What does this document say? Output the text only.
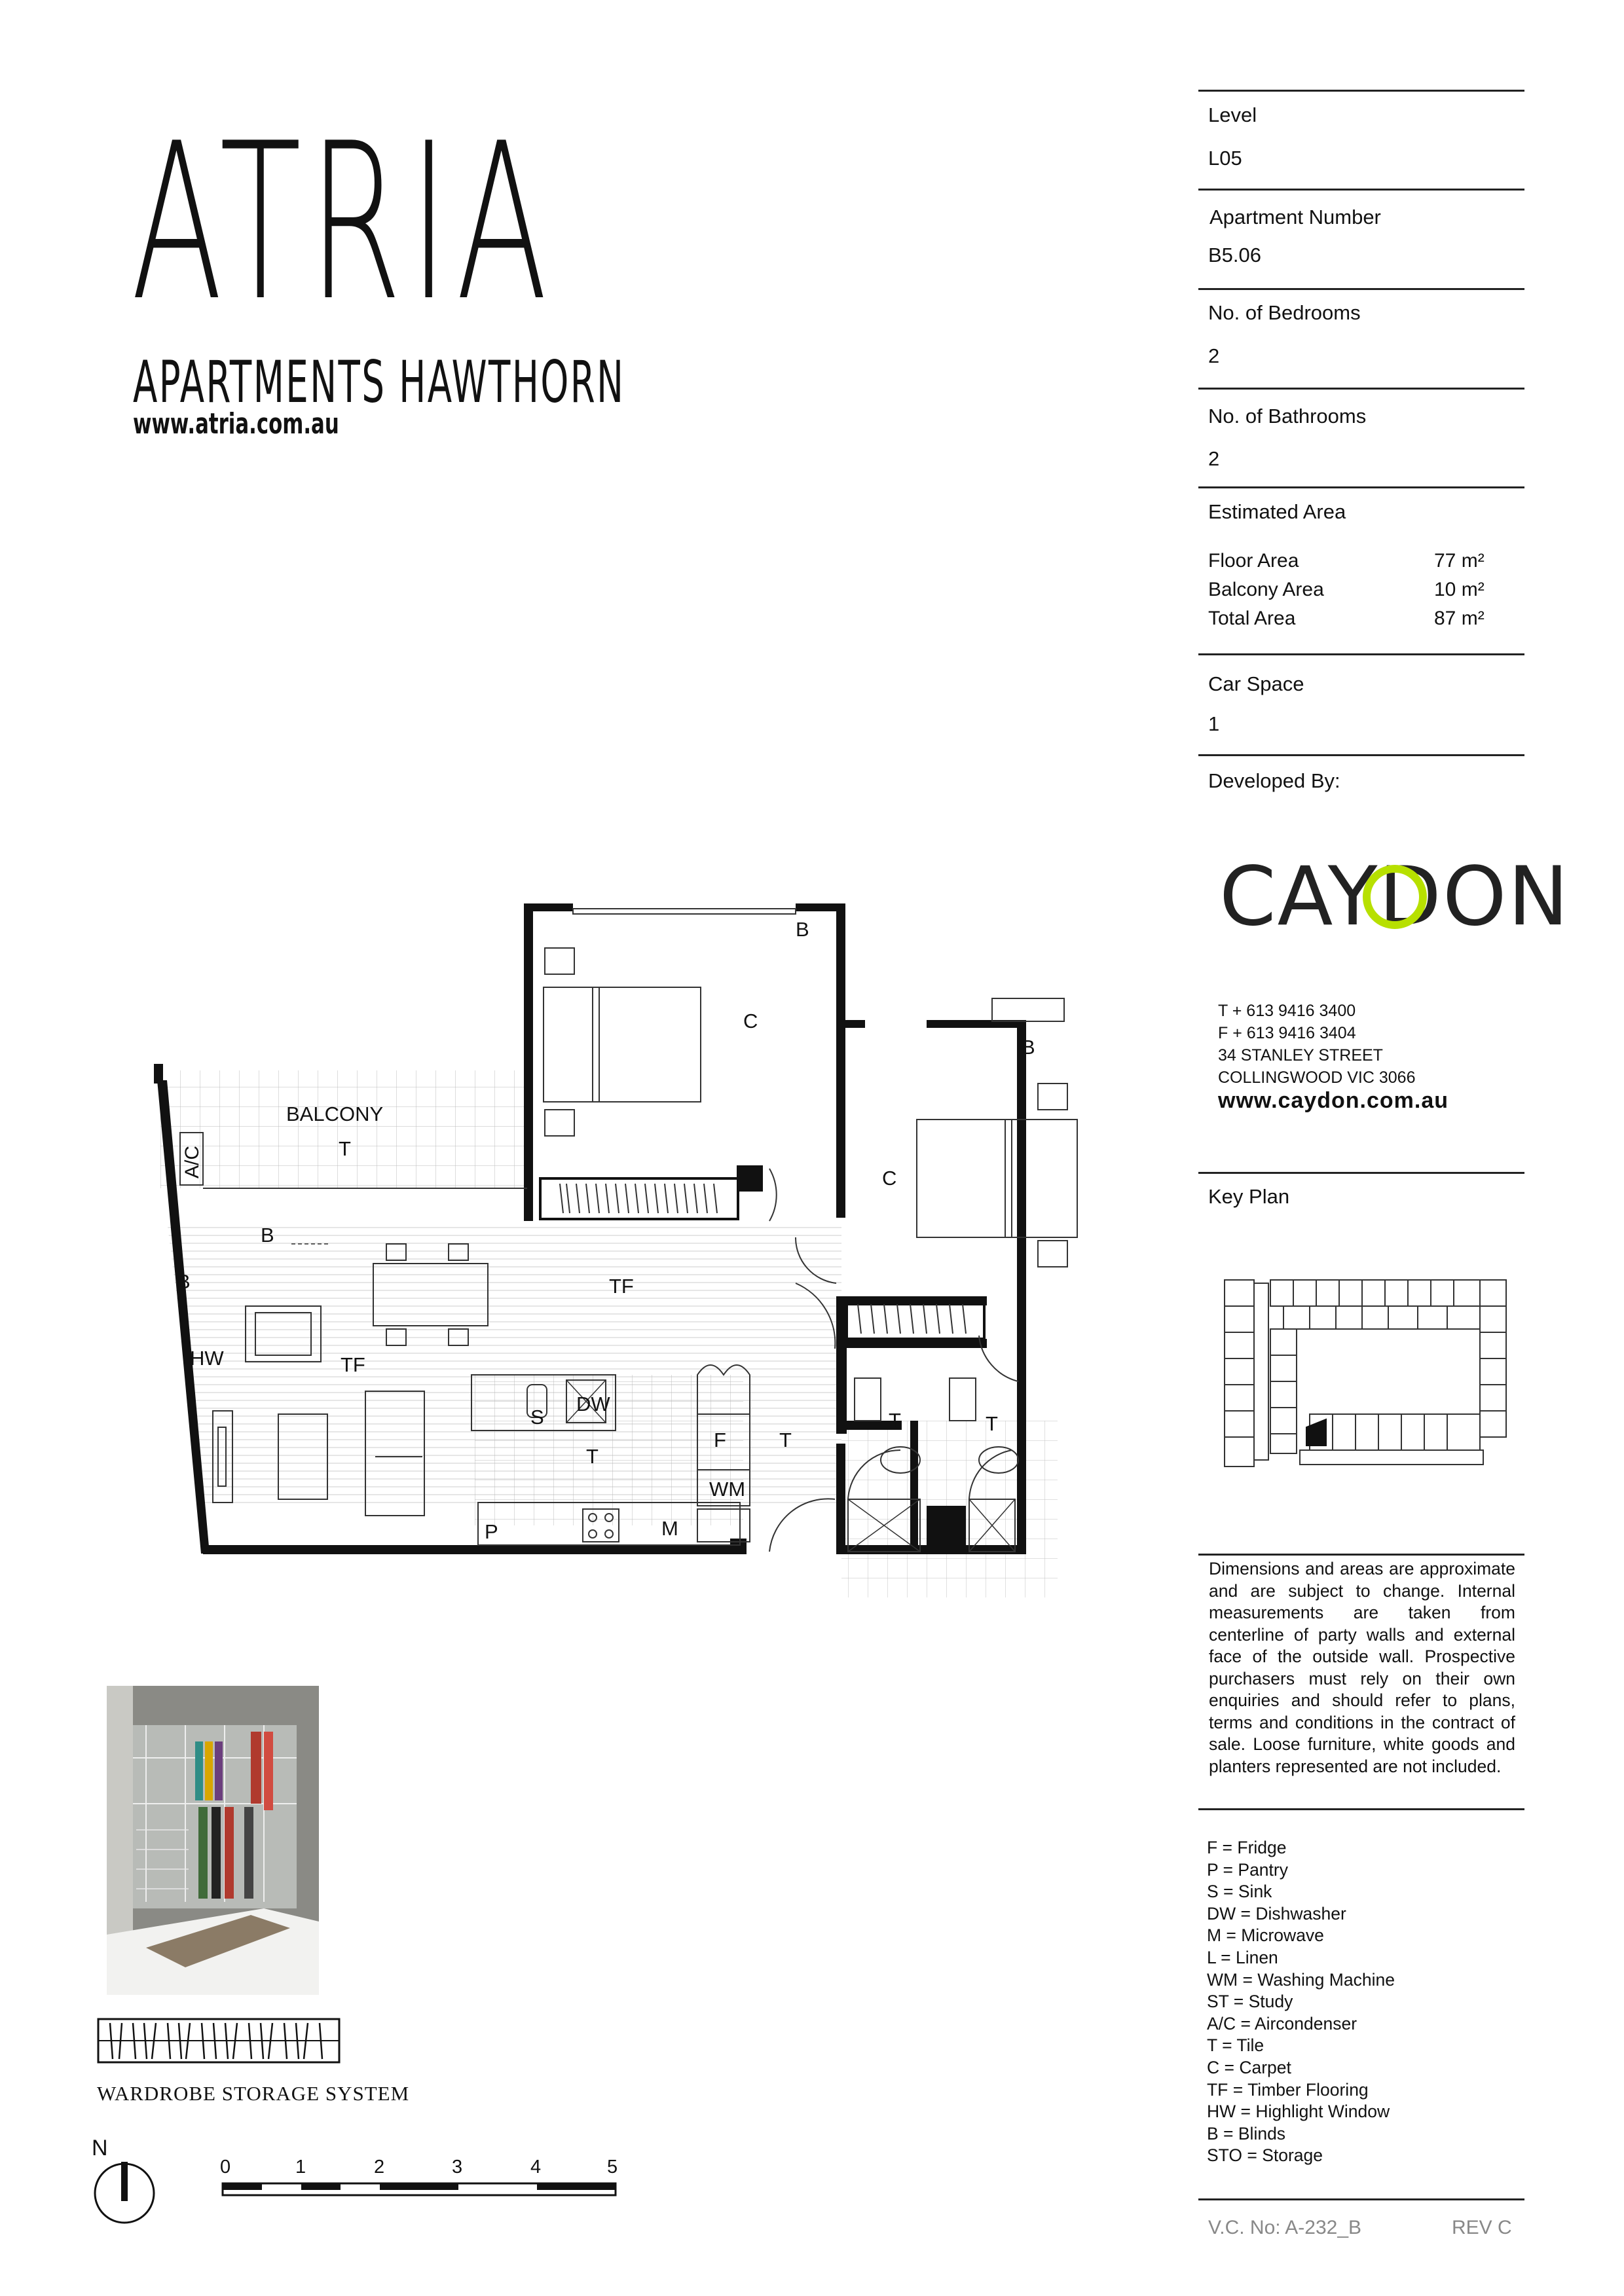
ATRIA
APARTMENTS HAWTHORN
www.atria.com.au
Level
L05
Apartment Number
B5.06
No. of Bedrooms
2
No. of Bathrooms
2
Estimated Area
Floor Area	77 m²
Balcony Area	10 m²
Total Area	87 m²
Car Space
1
Developed By:
CAYDON
T + 613 9416 3400
F + 613 9416 3404
34 STANLEY STREET
COLLINGWOOD VIC 3066
www.caydon.com.au
Key Plan
Dimensions and areas are approximate and are subject to change. Internal measurements are taken from centerline of party walls and external face of the outside wall. Prospective purchasers must rely on their own enquiries and should refer to plans, terms and conditions in the contract of sale. Loose furniture, white goods and planters represented are not included.
F = Fridge
P = Pantry
S = Sink
DW = Dishwasher
M = Microwave
L = Linen
WM = Washing Machine
ST = Study
A/C = Aircondenser
T = Tile
C = Carpet
TF = Timber Flooring
HW = Highlight Window
B = Blinds
STO = Storage
V.C. No: A-232_B	REV C
BALCONY
T
B
C
B
C
B
B	TF
TF
HW
S
DW
T
F	T
WM
P	M
T	T
A/C
WARDROBE STORAGE SYSTEM
N
0	1	2	3	4	5
